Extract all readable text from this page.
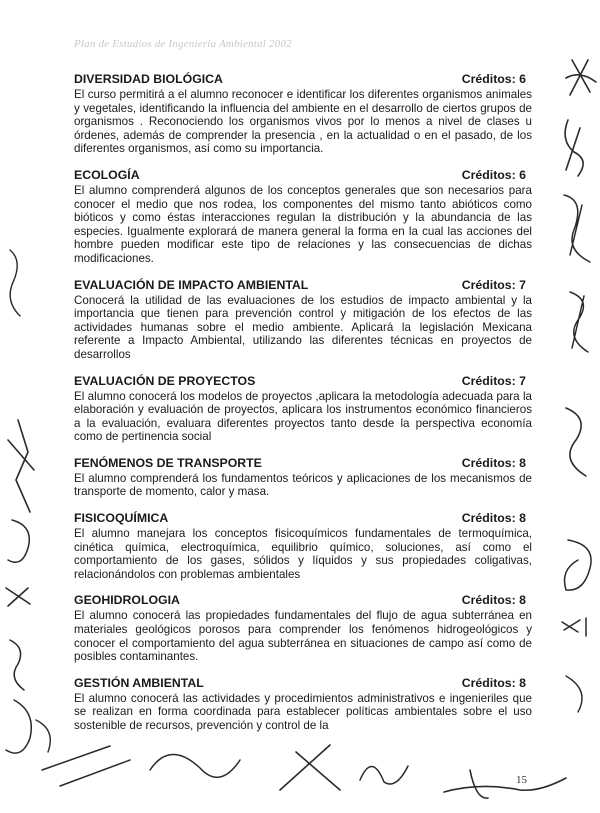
Plan de Estudios de Ingeniería Ambiental 2002
DIVERSIDAD BIOLÓGICA	Créditos: 6

El curso permitirá a el alumno reconocer e identificar los diferentes organismos animales y vegetales, identificando la influencia del ambiente en el desarrollo de ciertos grupos de organismos . Reconociendo los organismos vivos por lo menos a nivel de clases u órdenes, además de comprender la presencia , en la actualidad o en el pasado, de los diferentes organismos, así como su importancia.

ECOLOGÍA	Créditos: 6

El alumno comprenderá algunos de los conceptos generales que son necesarios para conocer el medio que nos rodea, los componentes del mismo tanto abióticos como bióticos y como éstas interacciones regulan la distribución y la abundancia de las especies. Igualmente explorará de manera general la forma en la cual las acciones del hombre pueden modificar este tipo de relaciones y las consecuencias de dichas modificaciones.

EVALUACIÓN DE IMPACTO AMBIENTAL	Créditos: 7

Conocerá la utilidad de las evaluaciones de los estudios de impacto ambiental y la importancia que tienen para prevención control y mitigación de los efectos de las actividades humanas sobre el medio ambiente. Aplicará la legislación Mexicana referente a Impacto Ambiental, utilizando las diferentes técnicas en proyectos de desarrollos

EVALUACIÓN DE PROYECTOS	Créditos: 7

El alumno conocerá los modelos de proyectos ,aplicara la metodología adecuada para la elaboración y evaluación de proyectos, aplicara los instrumentos económico financieros a la evaluación, evaluara diferentes proyectos tanto desde la perspectiva economía como de pertinencia social

FENÓMENOS DE TRANSPORTE	Créditos: 8

El alumno comprenderá los fundamentos teóricos y aplicaciones de los mecanismos de transporte de momento, calor y masa.

FISICOQUÍMICA	Créditos: 8

El alumno manejara los conceptos fisicoquímicos fundamentales de termoquímica, cinética química, electroquímica, equilibrio químico, soluciones, así como el comportamiento de los gases, sólidos y líquidos y sus propiedades coligativas, relacionándolos con problemas ambientales

GEOHIDROLOGIA	Créditos: 8

El alumno conocerá las propiedades fundamentales del flujo de agua subterránea en materiales geológicos porosos para comprender los fenómenos hidrogeológicos y conocer el comportamiento del agua subterránea en situaciones de campo así como de posibles contaminantes.

GESTIÓN AMBIENTAL	Créditos: 8

El alumno conocerá las actividades y procedimientos administrativos e ingenieriles que se realizan en forma coordinada para establecer políticas ambientales sobre el uso sostenible de recursos, prevención y control de la

15
